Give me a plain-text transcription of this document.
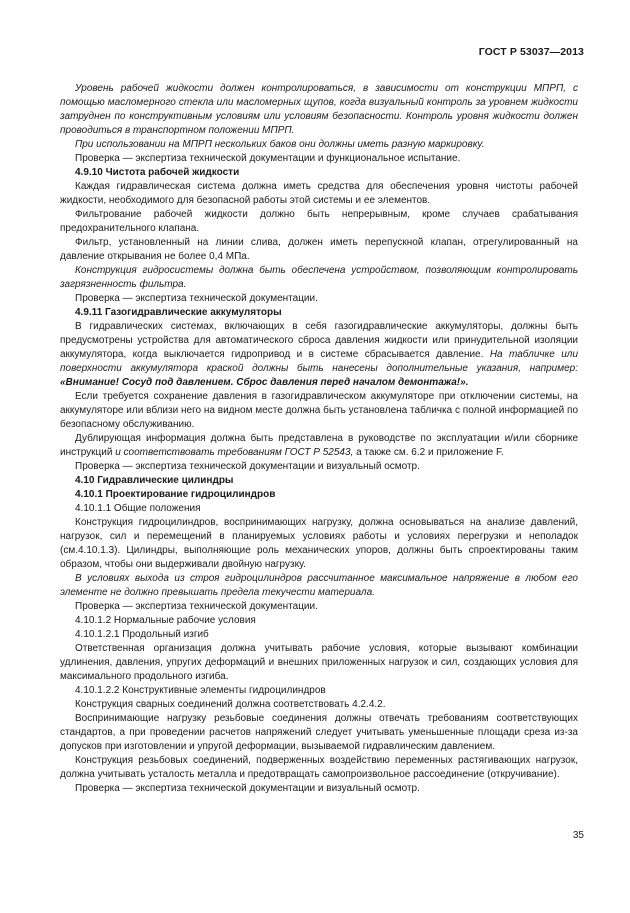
ГОСТ Р 53037—2013

Уровень рабочей жидкости должен контролироваться, в зависимости от конструкции МПРП, с помощью масломерного стекла или масломерных щупов, когда визуальный контроль за уровнем жидкости затруднен по конструктивным условиям или условиям безопасности. Контроль уровня жидкости должен проводиться в транспортном положении МПРП.

При использовании на МПРП нескольких баков они должны иметь разную маркировку.

Проверка — экспертиза технической документации и функциональное испытание.

4.9.10 Чистота рабочей жидкости

Каждая гидравлическая система должна иметь средства для обеспечения уровня чистоты рабочей жидкости, необходимого для безопасной работы этой системы и ее элементов.

Фильтрование рабочей жидкости должно быть непрерывным, кроме случаев срабатывания предохранительного клапана.

Фильтр, установленный на линии слива, должен иметь перепускной клапан, отрегулированный на давление открывания не более 0,4 МПа.

Конструкция гидросистемы должна быть обеспечена устройством, позволяющим контролировать загрязненность фильтра.

Проверка — экспертиза технической документации.

4.9.11 Газогидравлические аккумуляторы

В гидравлических системах, включающих в себя газогидравлические аккумуляторы, должны быть предусмотрены устройства для автоматического сброса давления жидкости или принудительной изоляции аккумулятора, когда выключается гидропривод и в системе сбрасывается давление. На табличке или поверхности аккумулятора краской должны быть нанесены дополнительные указания, например: «Внимание! Сосуд под давлением. Сброс давления перед началом демонтажа!».

Если требуется сохранение давления в газогидравлическом аккумуляторе при отключении системы, на аккумуляторе или вблизи него на видном месте должна быть установлена табличка с полной информацией по безопасному обслуживанию.

Дублирующая информация должна быть представлена в руководстве по эксплуатации и/или сборнике инструкций и соответствовать требованиям ГОСТ Р 52543, а также см. 6.2 и приложение F.

Проверка — экспертиза технической документации и визуальный осмотр.

4.10 Гидравлические цилиндры

4.10.1 Проектирование гидроцилиндров

4.10.1.1 Общие положения

Конструкция гидроцилиндров, воспринимающих нагрузку, должна основываться на анализе давлений, нагрузок, сил и перемещений в планируемых условиях работы и условиях перегрузки и неполадок (см.4.10.1.3). Цилиндры, выполняющие роль механических упоров, должны быть спроектированы таким образом, чтобы они выдерживали двойную нагрузку.

В условиях выхода из строя гидроцилиндров рассчитанное максимальное напряжение в любом его элементе не должно превышать предела текучести материала.

Проверка — экспертиза технической документации.

4.10.1.2 Нормальные рабочие условия

4.10.1.2.1 Продольный изгиб

Ответственная организация должна учитывать рабочие условия, которые вызывают комбинации удлинения, давления, упругих деформаций и внешних приложенных нагрузок и сил, создающих условия для максимального продольного изгиба.

4.10.1.2.2 Конструктивные элементы гидроцилиндров

Конструкция сварных соединений должна соответствовать 4.2.4.2.

Воспринимающие нагрузку резьбовые соединения должны отвечать требованиям соответствующих стандартов, а при проведении расчетов напряжений следует учитывать уменьшенные площади среза из-за допусков при изготовлении и упругой деформации, вызываемой гидравлическим давлением.

Конструкция резьбовых соединений, подверженных воздействию переменных растягивающих нагрузок, должна учитывать усталость металла и предотвращать самопроизвольное рассоединение (откручивание).

Проверка — экспертиза технической документации и визуальный осмотр.

35
